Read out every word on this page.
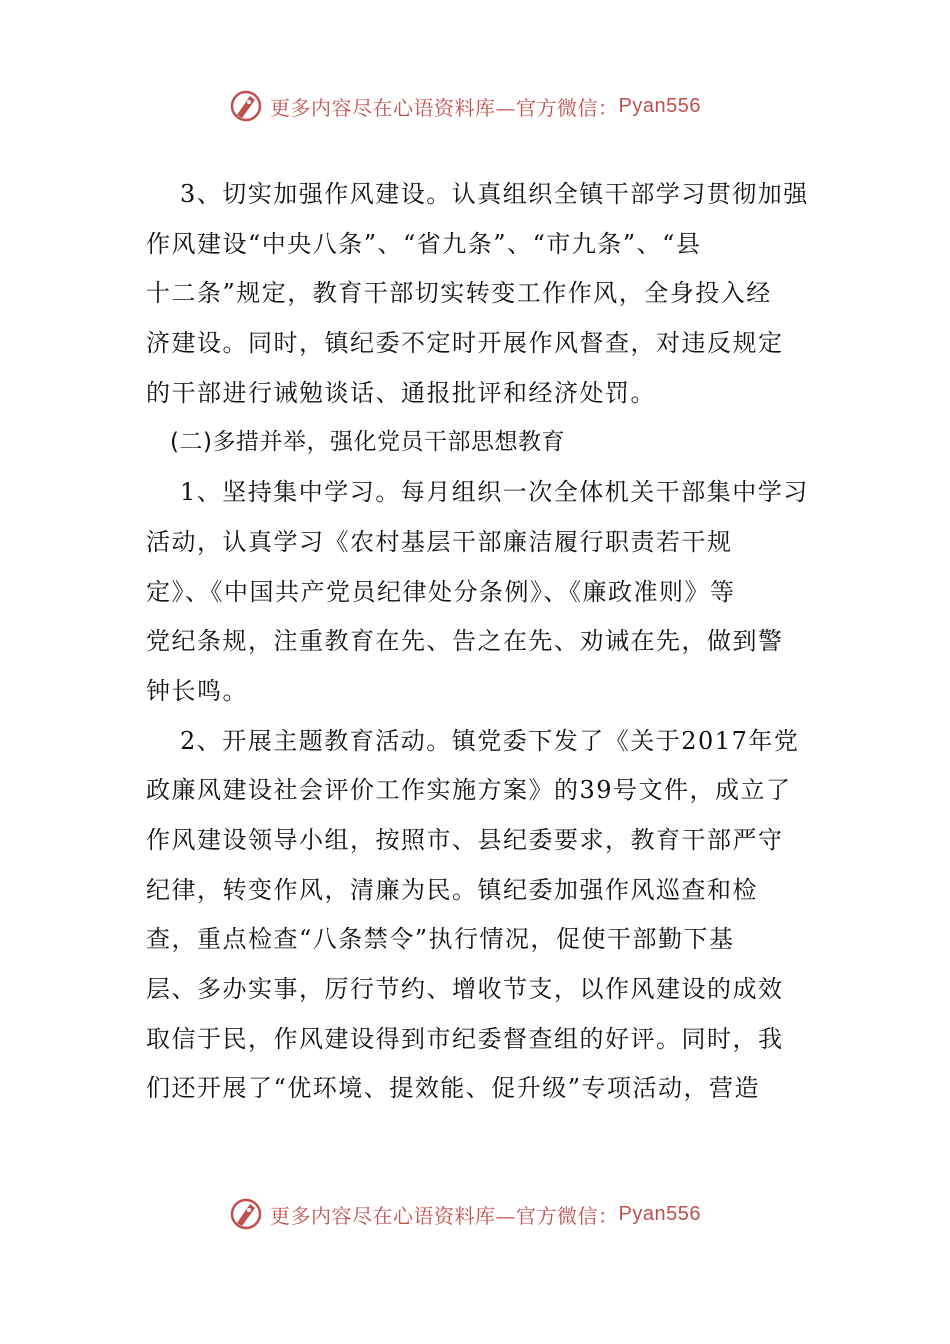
更多内容尽在心语资料库—官方微信： Pyan556
3、切实加强作风建设。认真组织全镇干部学习贯彻加强
作风建设“中央八条”、“省九条”、“市九条”、“县
十二条”规定，教育干部切实转变工作作风，全身投入经
济建设。同时，镇纪委不定时开展作风督查，对违反规定
的干部进行诫勉谈话、通报批评和经济处罚。
(二)多措并举，强化党员干部思想教育
1、坚持集中学习。每月组织一次全体机关干部集中学习
活动，认真学习《农村基层干部廉洁履行职责若干规
定》、《中国共产党员纪律处分条例》、《廉政准则》等
党纪条规，注重教育在先、告之在先、劝诫在先，做到警
钟长鸣。
2、开展主题教育活动。镇党委下发了《关于2017年党
政廉风建设社会评价工作实施方案》的39号文件，成立了
作风建设领导小组，按照市、县纪委要求，教育干部严守
纪律，转变作风，清廉为民。镇纪委加强作风巡查和检
查，重点检查“八条禁令”执行情况，促使干部勤下基
层、多办实事，厉行节约、增收节支，以作风建设的成效
取信于民，作风建设得到市纪委督查组的好评。同时，我
们还开展了“优环境、提效能、促升级”专项活动，营造
更多内容尽在心语资料库—官方微信： Pyan556
